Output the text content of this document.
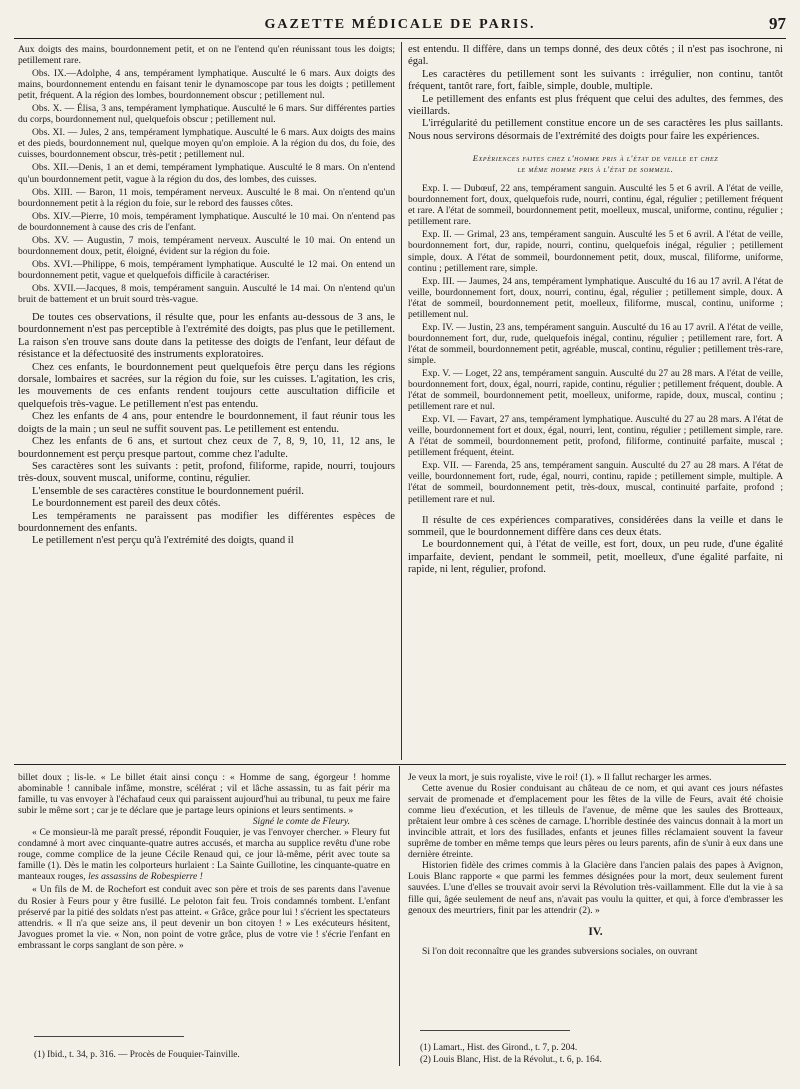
GAZETTE MÉDICALE DE PARIS.	97

Aux doigts des mains, bourdonnement petit, et on ne l'entend qu'en réunissant tous les doigts; petillement rare.

Obs. IX.—Adolphe, 4 ans, tempérament lymphatique. Ausculté le 6 mars. Aux doigts des mains, bourdonnement entendu en faisant tenir le dynamoscope par tous les doigts ; petillement petit, fréquent. A la région des lombes, bourdonnement obscur ; petillement nul.

Obs. X. — Élisa, 3 ans, tempérament lymphatique. Ausculté le 6 mars. Sur différentes parties du corps, bourdonnement nul, quelquefois obscur ; petillement nul.

Obs. XI. — Jules, 2 ans, tempérament lymphatique. Ausculté le 6 mars. Aux doigts des mains et des pieds, bourdonnement nul, quelque moyen qu'on emploie. A la région du dos, du foie, des cuisses, bourdonnement obscur, très-petit ; petillement nul.

Obs. XII.—Denis, 1 an et demi, tempérament lymphatique. Ausculté le 8 mars. On n'entend qu'un bourdonnement petit, vague à la région du dos, des lombes, des cuisses.

Obs. XIII. — Baron, 11 mois, tempérament nerveux. Ausculté le 8 mai. On n'entend qu'un bourdonnement petit à la région du foie, sur le rebord des fausses côtes.

Obs. XIV.—Pierre, 10 mois, tempérament lymphatique. Ausculté le 10 mai. On n'entend pas de bourdonnement à cause des cris de l'enfant.

Obs. XV. — Augustin, 7 mois, tempérament nerveux. Ausculté le 10 mai. On entend un bourdonnement doux, petit, éloigné, évident sur la région du foie.

Obs. XVI.—Philippe, 6 mois, tempérament lymphatique. Ausculté le 12 mai. On entend un bourdonnement petit, vague et quelquefois difficile à caractériser.

Obs. XVII.—Jacques, 8 mois, tempérament sanguin. Ausculté le 14 mai. On n'entend qu'un bruit de battement et un bruit sourd très-vague.

De toutes ces observations, il résulte que, pour les enfants au-dessous de 3 ans, le bourdonnement n'est pas perceptible à l'extrémité des doigts, pas plus que le petillement. La raison s'en trouve sans doute dans la petitesse des doigts de l'enfant, leur défaut de résistance et la défectuosité des instruments exploratoires.

Chez ces enfants, le bourdonnement peut quelquefois être perçu dans les régions dorsale, lombaires et sacrées, sur la région du foie, sur les cuisses. L'agitation, les cris, les mouvements de ces enfants rendent toujours cette auscultation difficile et quelquefois très-vague. Le petillement n'est pas entendu.

Chez les enfants de 4 ans, pour entendre le bourdonnement, il faut réunir tous les doigts de la main ; un seul ne suffit souvent pas. Le petillement est entendu.

Chez les enfants de 6 ans, et surtout chez ceux de 7, 8, 9, 10, 11, 12 ans, le bourdonnement est perçu presque partout, comme chez l'adulte.

Ses caractères sont les suivants : petit, profond, filiforme, rapide, nourri, toujours très-doux, souvent muscal, uniforme, continu, régulier.

L'ensemble de ses caractères constitue le bourdonnement puéril.

Le bourdonnement est pareil des deux côtés.

Les tempéraments ne paraissent pas modifier les différentes espèces de bourdonnement des enfants.

Le petillement n'est perçu qu'à l'extrémité des doigts, quand il

est entendu. Il diffère, dans un temps donné, des deux côtés ; il n'est pas isochrone, ni égal.

Les caractères du petillement sont les suivants : irrégulier, non continu, tantôt fréquent, tantôt rare, fort, faible, simple, double, multiple.

Le petillement des enfants est plus fréquent que celui des adultes, des femmes, des vieillards.

L'irrégularité du petillement constitue encore un de ses caractères les plus saillants. Nous nous servirons désormais de l'extrémité des doigts pour faire les expériences.

Expériences faites chez l'homme pris à l'état de veille et chez
le même homme pris à l'état de sommeil.

Exp. I. — Dubœuf, 22 ans, tempérament sanguin. Ausculté les 5 et 6 avril. A l'état de veille, bourdonnement fort, doux, quelquefois rude, nourri, continu, égal, régulier ; petillement fréquent et rare. A l'état de sommeil, bourdonnement petit, moelleux, muscal, uniforme, continu, régulier ; petillement rare.

Exp. II. — Grimal, 23 ans, tempérament sanguin. Ausculté les 5 et 6 avril. A l'état de veille, bourdonnement fort, dur, rapide, nourri, continu, quelquefois inégal, régulier ; petillement simple, doux. A l'état de sommeil, bourdonnement petit, doux, muscal, filiforme, uniforme, continu ; petillement rare, simple.

Exp. III. — Jaumes, 24 ans, tempérament lymphatique. Ausculté du 16 au 17 avril. A l'état de veille, bourdonnement fort, doux, nourri, continu, égal, régulier ; petillement simple, doux. A l'état de sommeil, bourdonnement petit, moelleux, filiforme, muscal, continu, uniforme ; petillement nul.

Exp. IV. — Justin, 23 ans, tempérament sanguin. Ausculté du 16 au 17 avril. A l'état de veille, bourdonnement fort, dur, rude, quelquefois inégal, continu, régulier ; petillement rare, fort. A l'état de sommeil, bourdonnement petit, agréable, muscal, continu, régulier ; petillement très-rare, simple.

Exp. V. — Loget, 22 ans, tempérament sanguin. Ausculté du 27 au 28 mars. A l'état de veille, bourdonnement fort, doux, égal, nourri, rapide, continu, régulier ; petillement fréquent, double. A l'état de sommeil, bourdonnement petit, moelleux, uniforme, rapide, doux, muscal, continu ; petillement rare et nul.

Exp. VI. — Favart, 27 ans, tempérament lymphatique. Ausculté du 27 au 28 mars. A l'état de veille, bourdonnement fort et doux, égal, nourri, lent, continu, régulier ; petillement simple, rare. A l'état de sommeil, bourdonnement petit, profond, filiforme, continuité parfaite, muscal ; petillement fréquent, éteint.

Exp. VII. — Farenda, 25 ans, tempérament sanguin. Ausculté du 27 au 28 mars. A l'état de veille, bourdonnement fort, rude, égal, nourri, continu, rapide ; petillement simple, multiple. A l'état de sommeil, bourdonnement petit, très-doux, muscal, continuité parfaite, profond ; petillement rare et nul.

Il résulte de ces expériences comparatives, considérées dans la veille et dans le sommeil, que le bourdonnement diffère dans ces deux états.

Le bourdonnement qui, à l'état de veille, est fort, doux, un peu rude, d'une égalité imparfaite, devient, pendant le sommeil, petit, moelleux, d'une égalité parfaite, ni rapide, ni lent, régulier, profond.

billet doux ; lis-le. « Le billet était ainsi conçu : « Homme de sang, égorgeur ! homme abominable ! cannibale infâme, monstre, scélérat ; vil et lâche assassin, tu as fait périr ma famille, tu vas envoyer à l'échafaud ceux qui paraissent aujourd'hui au tribunal, tu peux me faire subir le même sort ; car je te déclare que je partage leurs opinions et leurs sentiments. »

Signé le comte de Fleury.

« Ce monsieur-là me paraît pressé, répondit Fouquier, je vas l'envoyer chercher. » Fleury fut condamné à mort avec cinquante-quatre autres accusés, et marcha au supplice revêtu d'une robe rouge, comme complice de la jeune Cécile Renaud qui, ce jour là-même, périt avec toute sa famille (1). Dès le matin les colporteurs hurlaient : La Sainte Guillotine, les cinquante-quatre en manteaux rouges, les assassins de Robespierre !

« Un fils de M. de Rochefort est conduit avec son père et trois de ses parents dans l'avenue du Rosier à Feurs pour y être fusillé. Le peloton fait feu. Trois condamnés tombent. L'enfant préservé par la pitié des soldats n'est pas atteint. « Grâce, grâce pour lui ! s'écrient les spectateurs attendris. « Il n'a que seize ans, il peut devenir un bon citoyen ! » Les exécuteurs hésitent, Javogues promet la vie. « Non, non point de votre grâce, plus de votre vie ! s'écrie l'enfant en embrassant le corps sanglant de son père. »

Je veux la mort, je suis royaliste, vive le roi! (1). » Il fallut recharger les armes.

Cette avenue du Rosier conduisant au château de ce nom, et qui avant ces jours néfastes servait de promenade et d'emplacement pour les fêtes de la ville de Feurs, avait été choisie comme lieu d'exécution, et les tilleuls de l'avenue, de même que les saules des Brotteaux, prêtaient leur ombre à ces scènes de carnage. L'horrible destinée des vaincus donnait à la mort un invincible attrait, et lors des fusillades, enfants et jeunes filles réclamaient souvent la faveur suprême de tomber en même temps que leurs pères ou leurs parents, afin de s'unir à eux dans une dernière étreinte.

Historien fidèle des crimes commis à la Glacière dans l'ancien palais des papes à Avignon, Louis Blanc rapporte « que parmi les femmes désignées pour la mort, deux seulement furent sauvées. L'une d'elles se trouvait avoir servi la Révolution très-vaillamment. Elle dut la vie à sa fille qui, âgée seulement de neuf ans, n'avait pas voulu la quitter, et qui, à force d'embrasser les genoux des meurtriers, finit par les attendrir (2). »

IV.

Si l'on doit reconnaître que les grandes subversions sociales, on ouvrant

(1) Ibid., t. 34, p. 316. — Procès de Fouquier-Tainville.
(1) Lamart., Hist. des Girond., t. 7, p. 204.
(2) Louis Blanc, Hist. de la Révolut., t. 6, p. 164.
